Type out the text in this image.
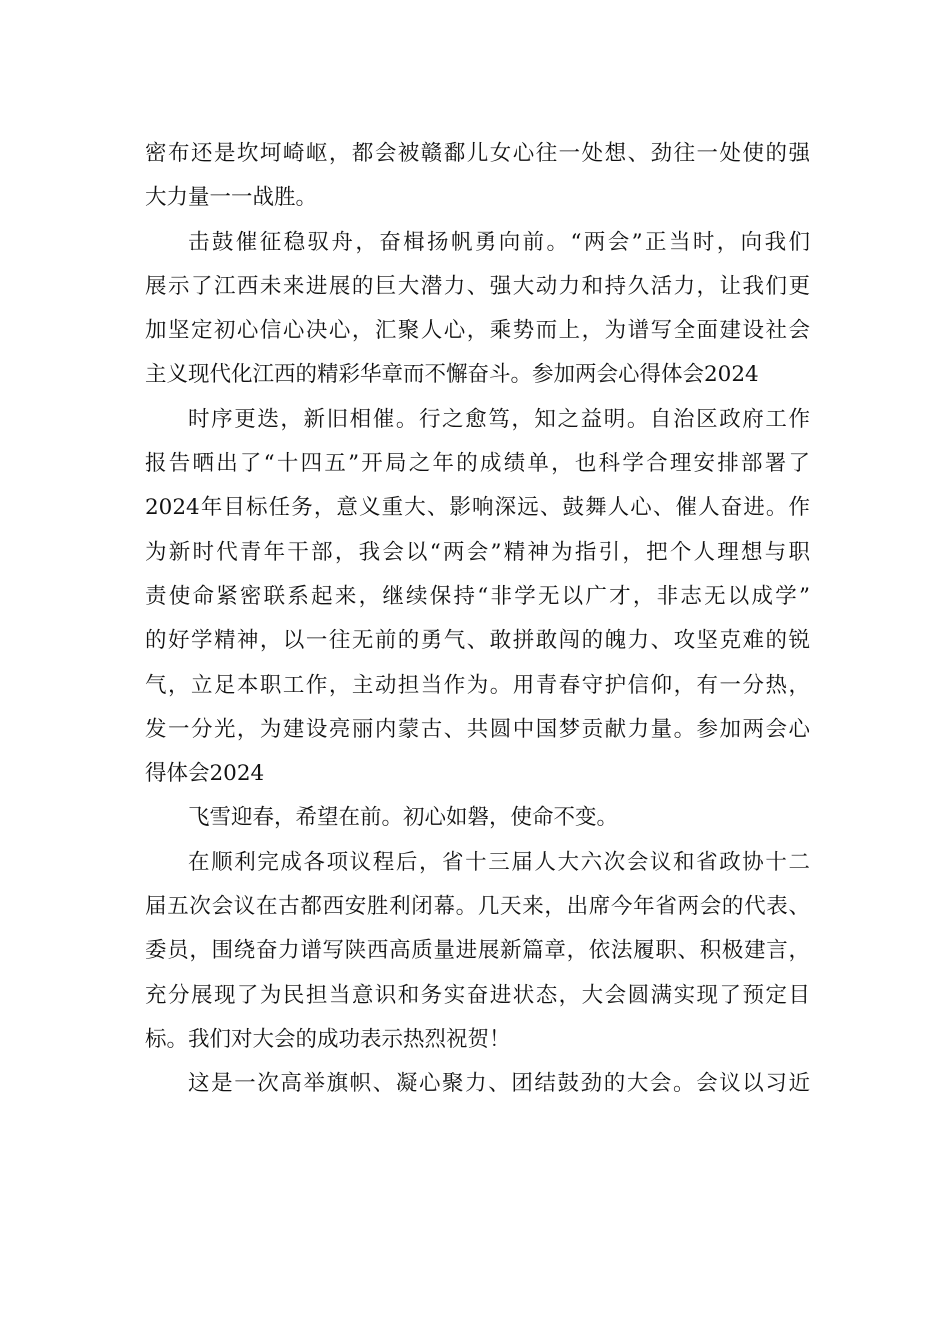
密布还是坎坷崎岖，都会被赣鄱儿女心往一处想、劲往一处使的强
大力量一一战胜。
击鼓催征稳驭舟，奋楫扬帆勇向前。“两会”正当时，向我们
展示了江西未来进展的巨大潜力、强大动力和持久活力，让我们更
加坚定初心信心决心，汇聚人心，乘势而上，为谱写全面建设社会
主义现代化江西的精彩华章而不懈奋斗。参加两会心得体会2024
时序更迭，新旧相催。行之愈笃，知之益明。自治区政府工作
报告晒出了“十四五”开局之年的成绩单，也科学合理安排部署了
2024年目标任务，意义重大、影响深远、鼓舞人心、催人奋进。作
为新时代青年干部，我会以“两会”精神为指引，把个人理想与职
责使命紧密联系起来，继续保持“非学无以广才，非志无以成学”
的好学精神，以一往无前的勇气、敢拼敢闯的魄力、攻坚克难的锐
气，立足本职工作，主动担当作为。用青春守护信仰，有一分热，
发一分光，为建设亮丽内蒙古、共圆中国梦贡献力量。参加两会心
得体会2024
飞雪迎春，希望在前。初心如磐，使命不变。
在顺利完成各项议程后，省十三届人大六次会议和省政协十二
届五次会议在古都西安胜利闭幕。几天来，出席今年省两会的代表、
委员，围绕奋力谱写陕西高质量进展新篇章，依法履职、积极建言，
充分展现了为民担当意识和务实奋进状态，大会圆满实现了预定目
标。我们对大会的成功表示热烈祝贺！
这是一次高举旗帜、凝心聚力、团结鼓劲的大会。会议以习近
